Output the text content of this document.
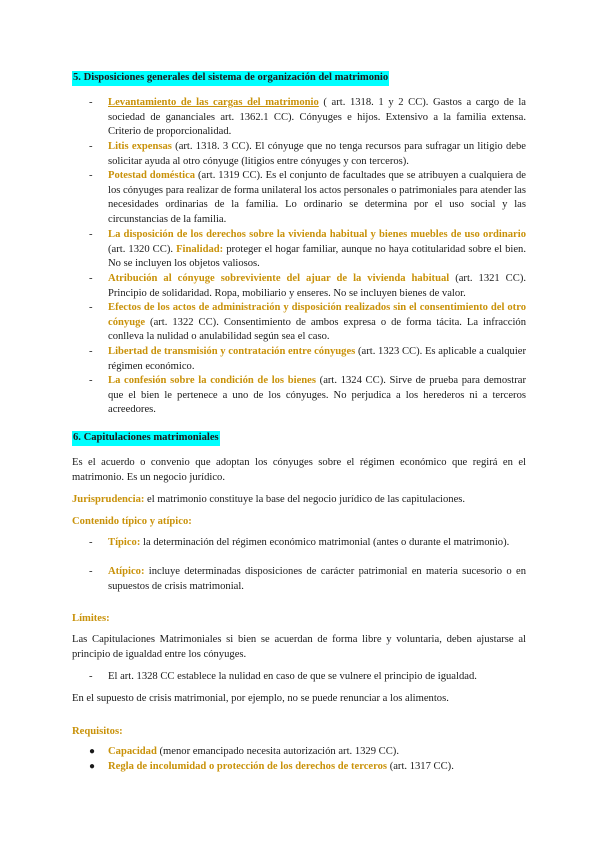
5. Disposiciones generales del sistema de organización del matrimonio
- Levantamiento de las cargas del matrimonio ( art. 1318. 1 y 2 CC). Gastos a cargo de la sociedad de gananciales art. 1362.1 CC). Cónyuges e hijos. Extensivo a la familia extensa. Criterio de proporcionalidad.
- Litis expensas (art. 1318. 3 CC). El cónyuge que no tenga recursos para sufragar un litigio debe solicitar ayuda al otro cónyuge (litigios entre cónyuges y con terceros).
- Potestad doméstica (art. 1319 CC). Es el conjunto de facultades que se atribuyen a cualquiera de los cónyuges para realizar de forma unilateral los actos personales o patrimoniales para atender las necesidades ordinarias de la familia. Lo ordinario se determina por el uso social y las circunstancias de la familia.
- La disposición de los derechos sobre la vivienda habitual y bienes muebles de uso ordinario (art. 1320 CC). Finalidad: proteger el hogar familiar, aunque no haya cotitularidad sobre el bien. No se incluyen los objetos valiosos.
- Atribución al cónyuge sobreviviente del ajuar de la vivienda habitual (art. 1321 CC). Principio de solidaridad. Ropa, mobiliario y enseres. No se incluyen bienes de valor.
- Efectos de los actos de administración y disposición realizados sin el consentimiento del otro cónyuge (art. 1322 CC). Consentimiento de ambos expresa o de forma tácita. La infracción conlleva la nulidad o anulabilidad según sea el caso.
- Libertad de transmisión y contratación entre cónyuges (art. 1323 CC). Es aplicable a cualquier régimen económico.
- La confesión sobre la condición de los bienes (art. 1324 CC). Sirve de prueba para demostrar que el bien le pertenece a uno de los cónyuges. No perjudica a los herederos ni a terceros acreedores.
6. Capitulaciones matrimoniales
Es el acuerdo o convenio que adoptan los cónyuges sobre el régimen económico que regirá en el matrimonio. Es un negocio jurídico.
Jurisprudencia: el matrimonio constituye la base del negocio jurídico de las capitulaciones.
Contenido típico y atípico:
- Típico: la determinación del régimen económico matrimonial (antes o durante el matrimonio).
- Atípico: incluye determinadas disposiciones de carácter patrimonial en materia sucesorio o en supuestos de crisis matrimonial.
Límites:
Las Capitulaciones Matrimoniales si bien se acuerdan de forma libre y voluntaria, deben ajustarse al principio de igualdad entre los cónyuges.
- El art. 1328 CC establece la nulidad en caso de que se vulnere el principio de igualdad.
En el supuesto de crisis matrimonial, por ejemplo, no se puede renunciar a los alimentos.
Requisitos:
● Capacidad (menor emancipado necesita autorización art. 1329 CC).
● Regla de incolumidad o protección de los derechos de terceros (art. 1317 CC).
